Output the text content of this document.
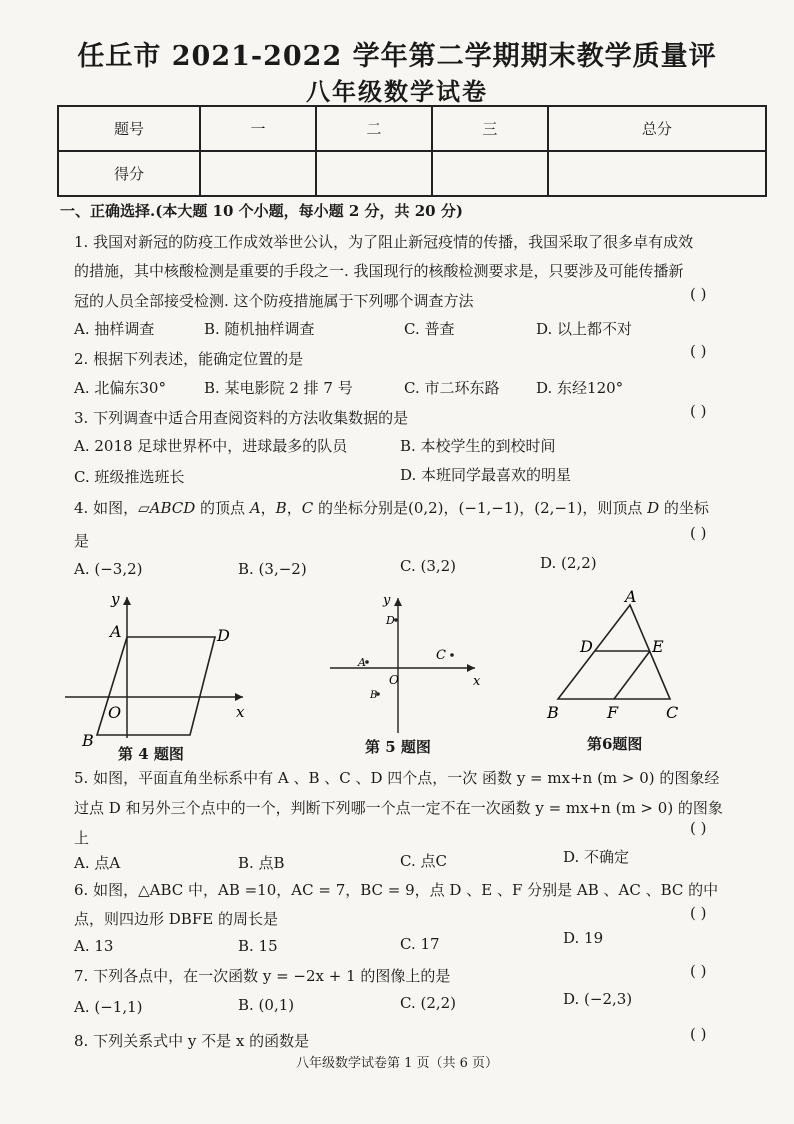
任丘市 2021-2022 学年第二学期期末教学质量评
八年级数学试卷
题号	一	二	三	总分
得分				
一、正确选择.(本大题 10 个小题，每小题 2 分，共 20 分)
1. 我国对新冠的防疫工作成效举世公认，为了阻止新冠疫情的传播，我国采取了很多卓有成效
的措施，其中核酸检测是重要的手段之一. 我国现行的核酸检测要求是，只要涉及可能传播新
冠的人员全部接受检测. 这个防疫措施属于下列哪个调查方法	( )
A. 抽样调查	B. 随机抽样调查	C. 普查	D. 以上都不对
2. 根据下列表述，能确定位置的是	( )
A. 北偏东30°	B. 某电影院 2 排 7 号	C. 市二环东路 D. 东经120°
3. 下列调查中适合用查阅资料的方法收集数据的是	( )
A. 2018 足球世界杯中，进球最多的队员	B. 本校学生的到校时间
C. 班级推选班长	D. 本班同学最喜欢的明星
4. 如图，▱ABCD 的顶点 A，B，C 的坐标分别是(0,2)，(−1,−1)，(2,−1)，则顶点 D 的坐标
是	( )
A. (−3,2)	B. (3,−2)	C. (3,2)	D. (2,2)
y
x
A	D
O
B
第 4 题图
y
x
D
C
A
O
B
第 5 题图
A
D	E
B	F	C
第6题图
5. 如图，平面直角坐标系中有 A 、B 、C 、D 四个点，一次 函数 y = mx+n (m > 0) 的图象经
过点 D 和另外三个点中的一个，判断下列哪一个点一定不在一次函数 y = mx+n (m > 0) 的图象
上
( )
A. 点A	B. 点B	C. 点C	D. 不确定
6. 如图，△ABC 中，AB =10，AC = 7，BC = 9，点 D 、E 、F 分别是 AB 、AC 、BC 的中
点，则四边形 DBFE 的周长是	( )
A. 13	B. 15	C. 17	D. 19
7. 下列各点中，在一次函数 y = −2x + 1 的图像上的是	( )
A. (−1,1)	B. (0,1)	C. (2,2)	D. (−2,3)
8. 下列关系式中 y 不是 x 的函数是	( )
八年级数学试卷第 1 页（共 6 页）
